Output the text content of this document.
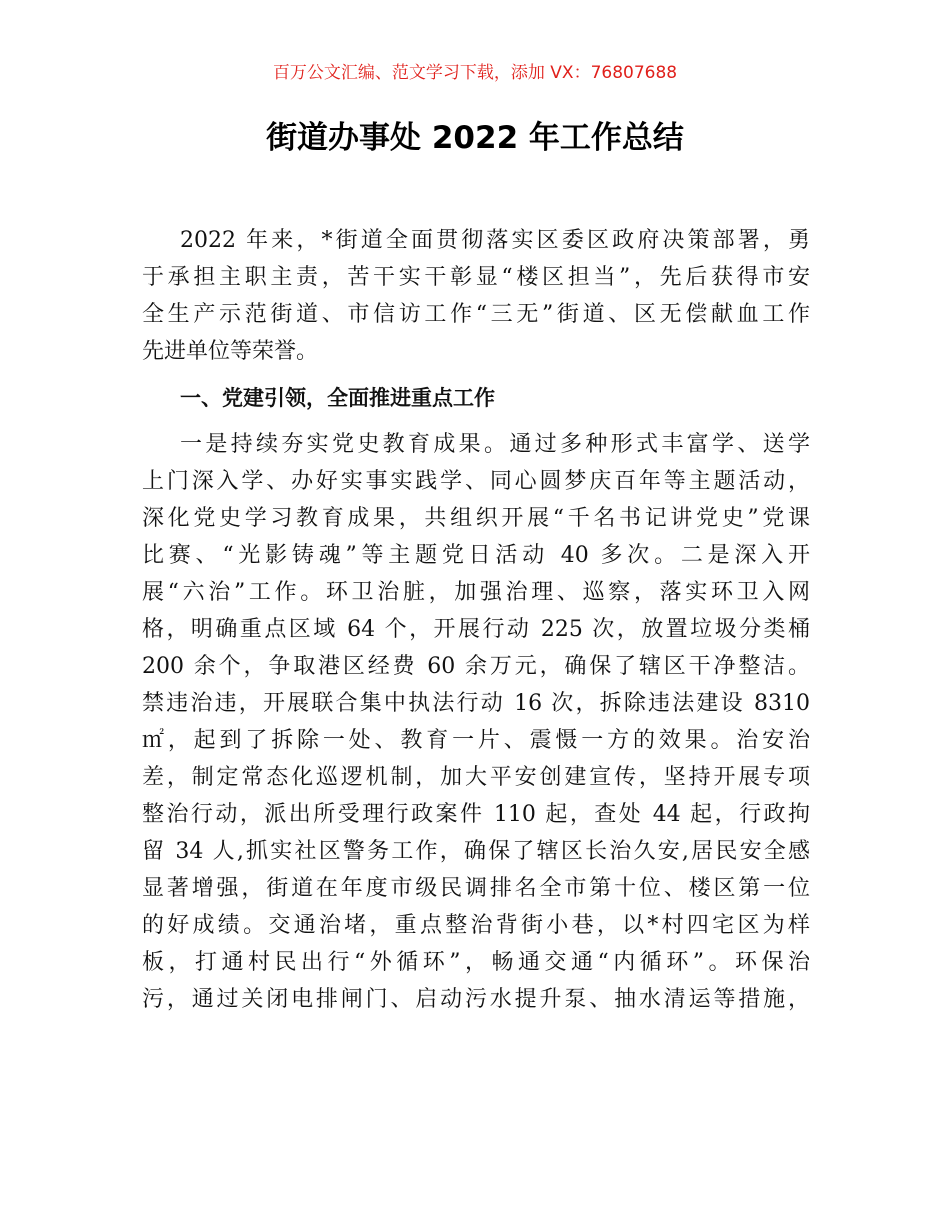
百万公文汇编、范文学习下载，添加 VX：76807688
街道办事处 2022 年工作总结
2022 年来，*街道全面贯彻落实区委区政府决策部署，勇
于承担主职主责，苦干实干彰显“楼区担当”，先后获得市安
全生产示范街道、市信访工作“三无”街道、区无偿献血工作
先进单位等荣誉。
一、党建引领，全面推进重点工作
一是持续夯实党史教育成果。通过多种形式丰富学、送学
上门深入学、办好实事实践学、同心圆梦庆百年等主题活动，
深化党史学习教育成果，共组织开展“千名书记讲党史”党课
比赛、“光影铸魂”等主题党日活动 40 多次。二是深入开
展“六治”工作。环卫治脏，加强治理、巡察，落实环卫入网
格，明确重点区域 64 个，开展行动 225 次，放置垃圾分类桶
200 余个，争取港区经费 60 余万元，确保了辖区干净整洁。
禁违治违，开展联合集中执法行动 16 次，拆除违法建设 8310
㎡，起到了拆除一处、教育一片、震慑一方的效果。治安治
差，制定常态化巡逻机制，加大平安创建宣传，坚持开展专项
整治行动，派出所受理行政案件 110 起，查处 44 起，行政拘
留 34 人,抓实社区警务工作，确保了辖区长治久安,居民安全感
显著增强，街道在年度市级民调排名全市第十位、楼区第一位
的好成绩。交通治堵，重点整治背街小巷，以*村四宅区为样
板，打通村民出行“外循环”，畅通交通“内循环”。环保治
污，通过关闭电排闸门、启动污水提升泵、抽水清运等措施，
